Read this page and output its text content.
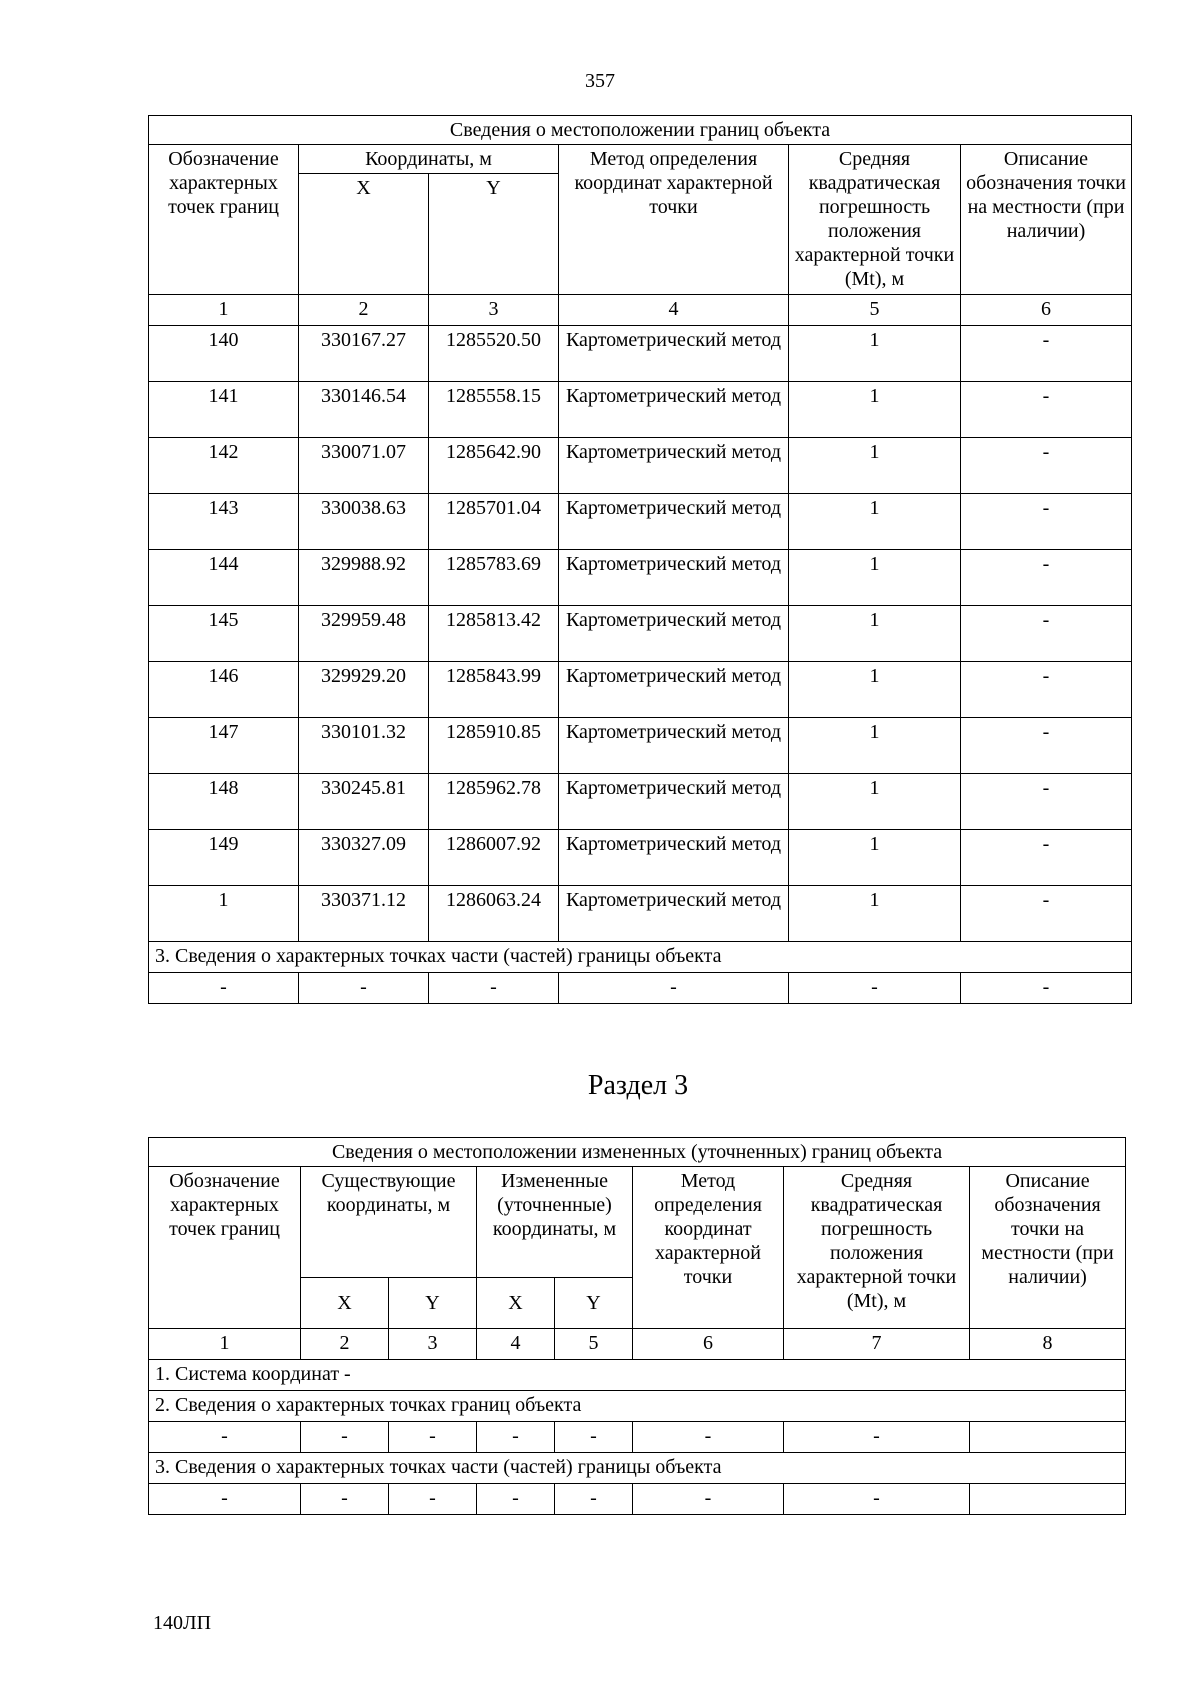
357
Сведения о местоположении границ объекта					
Обозначение характерных точек границ	Координаты, м		Метод определения координат характерной точки	Средняя квадратическая погрешность положения характерной точки (Mt), м	Описание обозначения точки на местности (при наличии)
	X	Y			
1	2	3	4	5	6
140	330167.27	1285520.50	Картометрический метод	1	-
141	330146.54	1285558.15	Картометрический метод	1	-
142	330071.07	1285642.90	Картометрический метод	1	-
143	330038.63	1285701.04	Картометрический метод	1	-
144	329988.92	1285783.69	Картометрический метод	1	-
145	329959.48	1285813.42	Картометрический метод	1	-
146	329929.20	1285843.99	Картометрический метод	1	-
147	330101.32	1285910.85	Картометрический метод	1	-
148	330245.81	1285962.78	Картометрический метод	1	-
149	330327.09	1286007.92	Картометрический метод	1	-
1	330371.12	1286063.24	Картометрический метод	1	-
3. Сведения о характерных точках части (частей) границы объекта					
-	-	-	-	-	-
Раздел 3
Сведения о местоположении измененных (уточненных) границ объекта							
Обозначение характерных точек границ	Существующие координаты, м		Измененные (уточненные) координаты, м		Метод определения координат характерной точки	Средняя квадратическая погрешность положения характерной точки (Mt), м	Описание обозначения точки на местности (при наличии)
	X	Y	X	Y			
1	2	3	4	5	6	7	8
1. Система координат -							
2. Сведения о характерных точках границ объекта							
-	-	-	-	-	-	-	
3. Сведения о характерных точках части (частей) границы объекта							
-	-	-	-	-	-	-	
140ЛП
